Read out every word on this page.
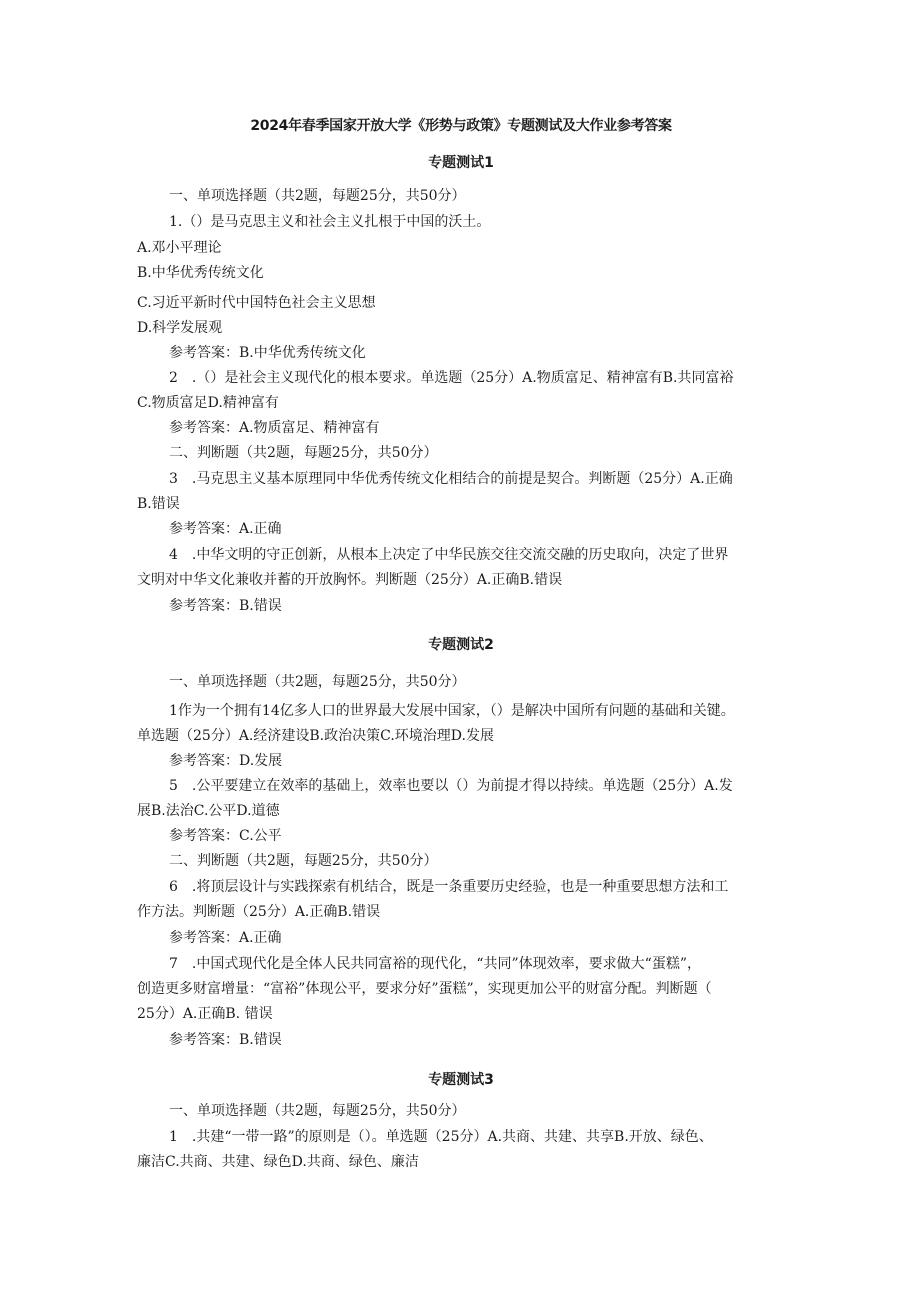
2024年春季国家开放大学《形势与政策》专题测试及大作业参考答案
专题测试1
一、单项选择题（共2题，每题25分，共50分）
1.（）是马克思主义和社会主义扎根于中国的沃土。
A.邓小平理论
B.中华优秀传统文化
C.习近平新时代中国特色社会主义思想
D.科学发展观
参考答案：B.中华优秀传统文化
2　.（）是社会主义现代化的根本要求。单选题（25分）A.物质富足、精神富有B.共同富裕
C.物质富足D.精神富有
参考答案：A.物质富足、精神富有
二、判断题（共2题，每题25分，共50分）
3　.马克思主义基本原理同中华优秀传统文化相结合的前提是契合。判断题（25分）A.正确
B.错误
参考答案：A.正确
4　.中华文明的守正创新，从根本上决定了中华民族交往交流交融的历史取向，决定了世界
文明对中华文化兼收并蓄的开放胸怀。判断题（25分）A.正确B.错误
参考答案：B.错误
专题测试2
一、单项选择题（共2题，每题25分，共50分）
1作为一个拥有14亿多人口的世界最大发展中国家，（）是解决中国所有问题的基础和关键。
单选题（25分）A.经济建设B.政治决策C.环境治理D.发展
参考答案：D.发展
5　.公平要建立在效率的基础上，效率也要以（）为前提才得以持续。单选题（25分）A.发
展B.法治C.公平D.道德
参考答案：C.公平
二、判断题（共2题，每题25分，共50分）
6　.将顶层设计与实践探索有机结合，既是一条重要历史经验，也是一种重要思想方法和工
作方法。判断题（25分）A.正确B.错误
参考答案：A.正确
7　.中国式现代化是全体人民共同富裕的现代化，“共同”体现效率，要求做大“蛋糕”，
创造更多财富增量：“富裕”体现公平，要求分好”蛋糕”，实现更加公平的财富分配。判断题（
25分）A.正确B. 错误
参考答案：B.错误
专题测试3
一、单项选择题（共2题，每题25分，共50分）
1　.共建“一带一路”的原则是（）。单选题（25分）A.共商、共建、共享B.开放、绿色、
廉洁C.共商、共建、绿色D.共商、绿色、廉洁
